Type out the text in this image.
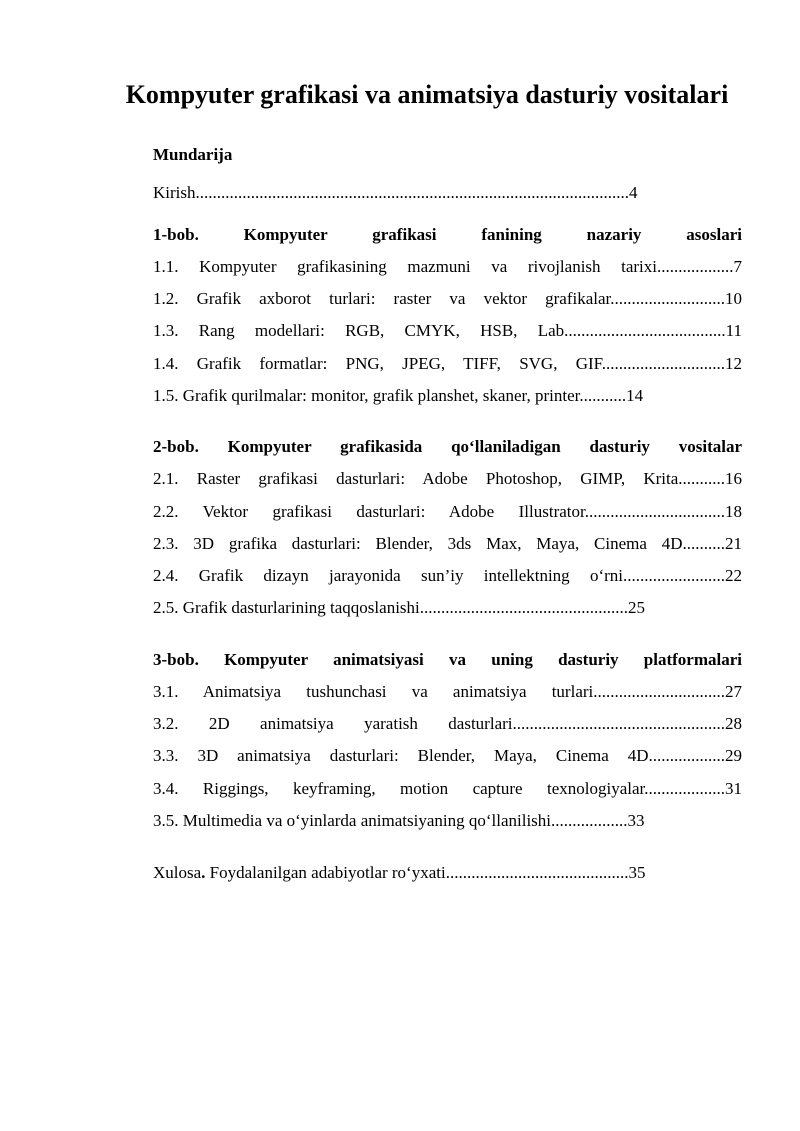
Kompyuter grafikasi va animatsiya dasturiy vositalari
Mundarija
Kirish......................................................................................................4
1-bob. Kompyuter grafikasi fanining nazariy asoslari
1.1. Kompyuter grafikasining mazmuni va rivojlanish tarixi..................7
1.2. Grafik axborot turlari: raster va vektor grafikalar...........................10
1.3. Rang modellari: RGB, CMYK, HSB, Lab......................................11
1.4. Grafik formatlar: PNG, JPEG, TIFF, SVG, GIF.............................12
1.5. Grafik qurilmalar: monitor, grafik planshet, skaner, printer...........14
2-bob. Kompyuter grafikasida qo‘llaniladigan dasturiy vositalar
2.1. Raster grafikasi dasturlari: Adobe Photoshop, GIMP, Krita...........16
2.2. Vektor grafikasi dasturlari: Adobe Illustrator.................................18
2.3. 3D grafika dasturlari: Blender, 3ds Max, Maya, Cinema 4D..........21
2.4. Grafik dizayn jarayonida sun’iy intellektning o‘rni........................22
2.5. Grafik dasturlarining taqqoslanishi.................................................25
3-bob. Kompyuter animatsiyasi va uning dasturiy platformalari
3.1. Animatsiya tushunchasi va animatsiya turlari...............................27
3.2. 2D animatsiya yaratish dasturlari..................................................28
3.3. 3D animatsiya dasturlari: Blender, Maya, Cinema 4D..................29
3.4. Riggings, keyframing, motion capture texnologiyalar...................31
3.5. Multimedia va o‘yinlarda animatsiyaning qo‘llanilishi..................33
Xulosa. Foydalanilgan adabiyotlar ro‘yxati...........................................35
